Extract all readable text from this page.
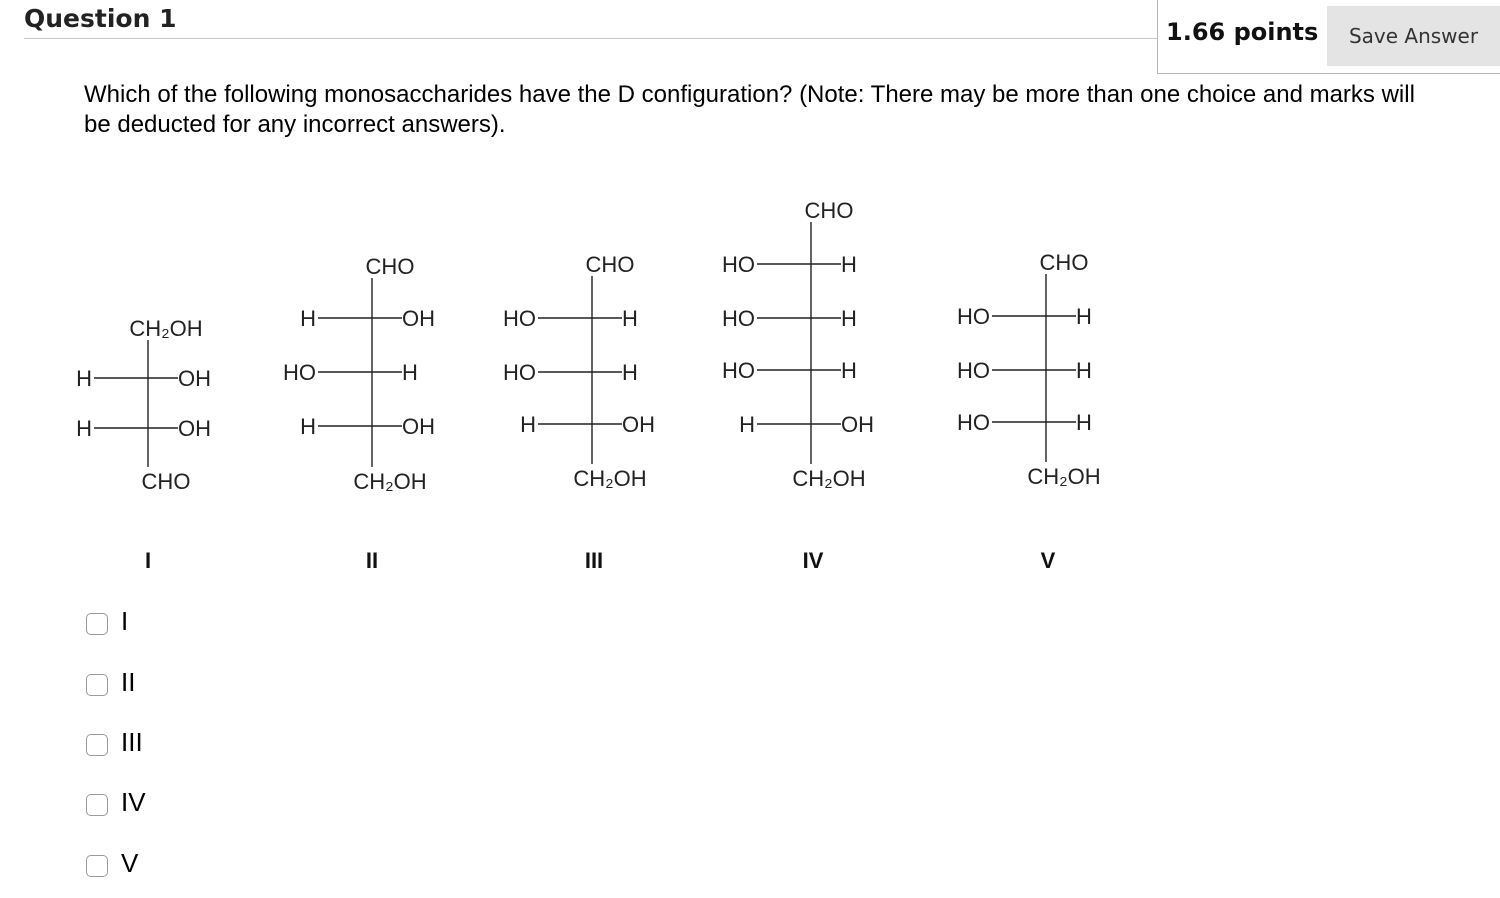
Question 1	1.66 points	Save Answer
Which of the following monosaccharides have the D configuration? (Note: There may be more than one choice and marks will be deducted for any incorrect answers).
CH₂OH
H	OH
H	OH
CHO
I
CHO
H	OH
HO	H
H	OH
CH₂OH
II
CHO
HO	H
HO	H
H	OH
CH₂OH
III
CHO
HO	H
HO	H
HO	H
H	OH
CH₂OH
IV
CHO
HO	H
HO	H
HO	H
CH₂OH
V
I
II
III
IV
V
